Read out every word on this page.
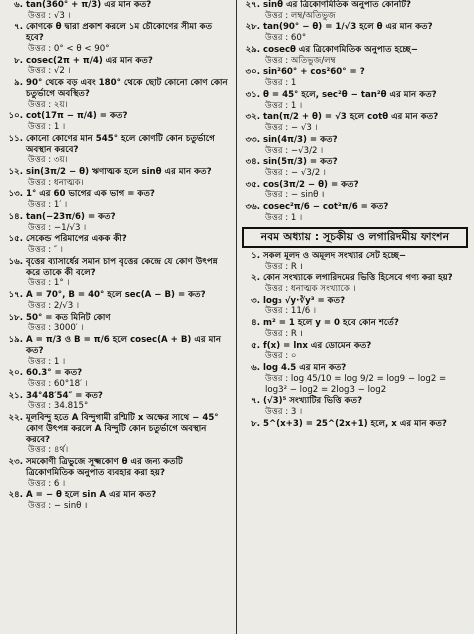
৬. tan(360° + π/3) এর মান কত?
উত্তর : √3 ।
৭. কোণকে θ দ্বারা প্রকাশ করলে ১ম চৌকোণের সীমা কত হবে?
উত্তর : 0° < θ < 90°
৮. cosec(2π + π/4) এর মান কত?
উত্তর : √2 ।
৯. 90° থেকে বড় এবং 180° থেকে ছোট কোনো কোণ কোন চতুর্ভাগে অবস্থিত?
উত্তর : ২য়।
১০. cot(17π − π/4) = কত?
উত্তর : 1 ।
১১. কোনো কোণের মান 545° হলে কোণটি কোন চতুর্ভাগে অবস্থান করবে?
উত্তর : ৩য়।
১২. sin(3π/2 − θ) ঋণাত্মক হলে sinθ এর মান কত?
উত্তর : ধনাত্মক।
১৩. 1° এর 60 ভাগের এক ভাগ = কত?
উত্তর : 1′ ।
১৪. tan(−23π/6) = কত?
উত্তর : −1/√3 ।
১৫. সেকেন্ড পরিমাপের একক কী?
উত্তর : ″ ।
১৬. বৃত্তের ব্যাসার্ধের সমান চাপ বৃত্তের কেন্দ্রে যে কোণ উৎপন্ন করে তাকে কী বলে?
উত্তর : 1° ।
১৭. A = 70°, B = 40° হলে sec(A − B) = কত?
উত্তর : 2/√3 ।
১৮. 50° = কত মিনিট কোণ
উত্তর : 3000′ ।
১৯. A = π/3 ও B = π/6 হলে cosec(A + B) এর মান কত?
উত্তর : 1 ।
২০. 60.3° = কত?
উত্তর : 60°18′ ।
২১. 34°48′54″ = কত?
উত্তর : 34.815°
২২. মূলবিন্দু হতে A বিন্দুগামী রশ্মিটি x অক্ষের সাথে − 45° কোণ উৎপন্ন করলে A বিন্দুটি কোন চতুর্ভাগে অবস্থান করবে?
উত্তর : ৪র্থ।
২৩. সমকোণী ত্রিভুজে সূক্ষ্মকোণ θ এর জন্য কতটি ত্রিকোণমিতিক অনুপাত ব্যবহার করা হয়?
উত্তর : 6 ।
২৪. A = − θ হলে sin A এর মান কত?
উত্তর : − sinθ ।
২৭. sinθ এর ত্রিকোণমিতিক অনুপাত কোনটি?
উত্তর : লম্ব/অতিভুজ
২৮. tan(90° − θ) = 1/√3 হলে θ এর মান কত?
উত্তর : 60°
২৯. cosecθ এর ত্রিকোণমিতিক অনুপাত হচ্ছে−
উত্তর : অতিভুজ/লম্ব
৩০. sin²60° + cos²60° = ?
উত্তর : 1
৩১. θ = 45° হলে, sec²θ − tan²θ এর মান কত?
উত্তর : 1 ।
৩২. tan(π/2 + θ) = √3 হলে cotθ এর মান কত?
উত্তর : − √3 ।
৩৩. sin(4π/3) = কত?
উত্তর : −√3/2 ।
৩৪. sin(5π/3) = কত?
উত্তর : − √3/2 ।
৩৫. cos(3π/2 − θ) = কত?
উত্তর : − sinθ ।
৩৬. cosec²π/6 − cot²π/6 = কত?
উত্তর : 1 ।
নবম অধ্যায় : সূচকীয় ও লগারিদমীয় ফাংশন
১. সকল মূলদ ও অমূলদ সংখ্যার সেট হচ্ছে−
উত্তর : R ।
২. কোন সংখ্যাকে লগারিদমের ভিত্তি হিসেবে গণ্য করা হয়?
উত্তর : ধনাত্মক সংখ্যাকে ।
৩. log₃ √y·∛y³ = কত?
উত্তর : 11/6 ।
৪. m² = 1 হলে y = 0 হবে কোন শর্তে?
উত্তর : R ।
৫. f(x) = lnx এর ডোমেন কত?
উত্তর : ০
৬. log 4.5 এর মান কত?
উত্তর : log 45/10 = log 9/2 = log9 − log2 = log3² − log2 = 2log3 − log2
৭. (√3)⁵ সংখ্যাটির ভিত্তি কত?
উত্তর : 3 ।
৮. 5^(x+3) = 25^(2x+1) হলে, x এর মান কত?
